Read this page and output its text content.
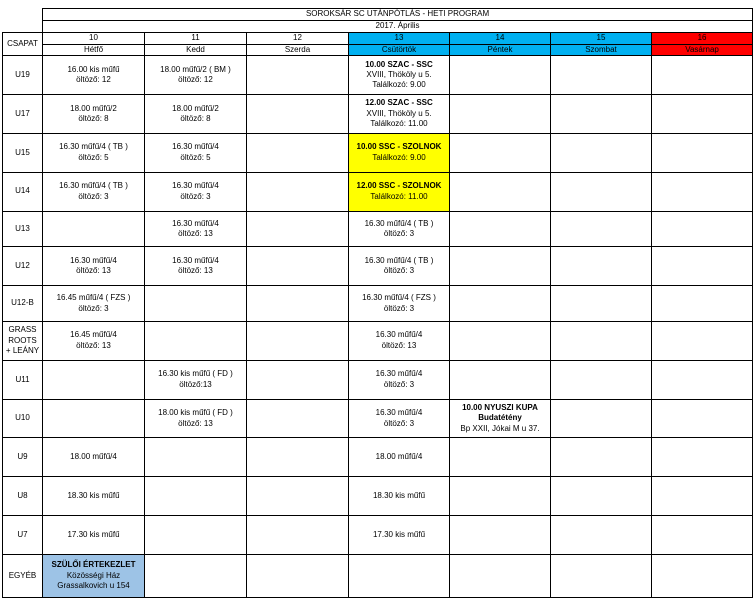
	SOROKSÁR SC UTÁNPÓTLÁS - HETI PROGRAM						
	2017. Április						
CSAPAT	10	11	12	13	14	15	16
	Hétfő	Kedd	Szerda	Csütörtök	Péntek	Szombat	Vasárnap
U19	16.00 kis műfű
öltöző: 12	18.00 műfű/2 ( BM )
öltöző: 12		10.00 SZAC - SSC
XVIII, Thököly u 5.
Találkozó: 9.00			

U17	18.00 műfű/2
öltöző: 8	18.00 műfű/2
öltöző: 8		12.00 SZAC - SSC
XVIII, Thököly u 5.
Találkozó: 11.00			

U15	16.30 műfű/4 ( TB )
öltöző: 5	16.30 műfű/4
öltöző: 5		10.00 SSC - SZOLNOK
Találkozó: 9.00			

U14	16.30 műfű/4 ( TB )
öltöző: 3	16.30 műfű/4
öltöző: 3		12.00 SSC - SZOLNOK
Találkozó: 11.00			

U13		16.30 műfű/4
öltöző: 13		16.30 műfű/4 ( TB )
öltöző: 3			

U12	16.30 műfű/4
öltöző: 13	16.30 műfű/4
öltöző: 13		16.30 műfű/4 ( TB )
öltöző: 3			

U12-B	16.45 műfű/4 ( FZS )
öltöző: 3			16.30 műfű/4 ( FZS )
öltöző: 3			

GRASS
ROOTS
+ LEÁNY	16.45 műfű/4
öltöző: 13			16.30 műfű/4
öltöző: 13			

U11		16.30 kis műfű ( FD )
öltöző:13		16.30 műfű/4
öltöző: 3			

U10		18.00 kis műfű ( FD )
öltöző: 13		16.30 műfű/4
öltöző: 3	10.00 NYUSZI KUPA
Budatétény
Bp XXII, Jókai M u 37.		

U9	18.00 műfű/4			18.00 műfű/4			

U8	18.30 kis műfű			18.30 kis műfű			

U7	17.30 kis műfű			17.30 kis műfű			

EGYÉB	SZÜLŐI ÉRTEKEZLET
Közösségi Ház
Grassalkovich u 154						
